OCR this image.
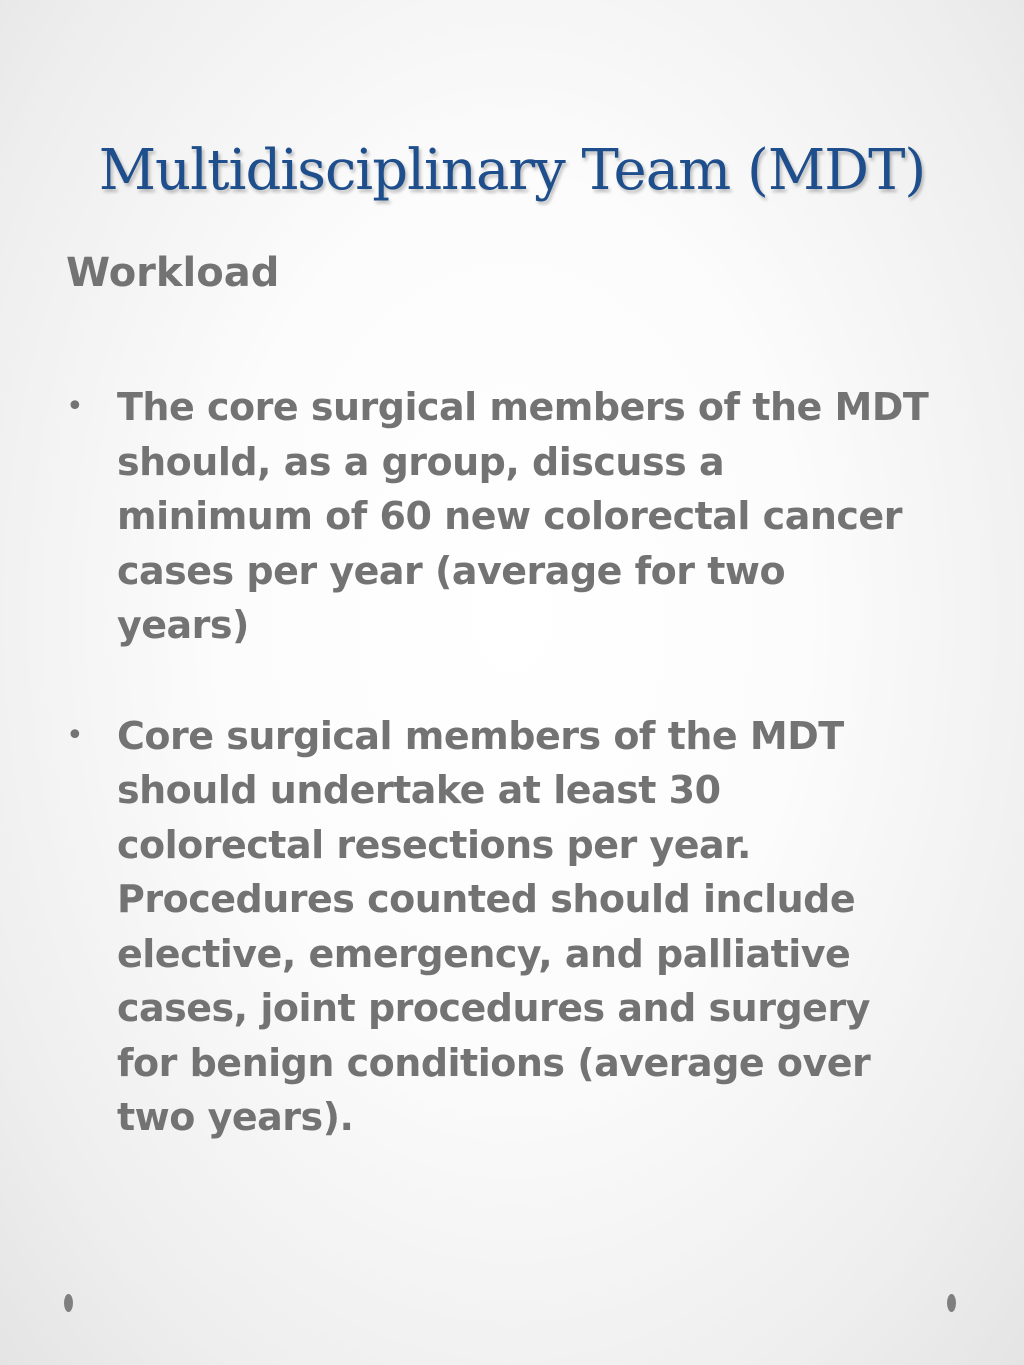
Multidisciplinary Team (MDT)
Workload
• The core surgical members of the MDT
should, as a group, discuss a
minimum of 60 new colorectal cancer
cases per year (average for two
years)
• Core surgical members of the MDT
should undertake at least 30
colorectal resections per year.
Procedures counted should include
elective, emergency, and palliative
cases, joint procedures and surgery
for benign conditions (average over
two years).
